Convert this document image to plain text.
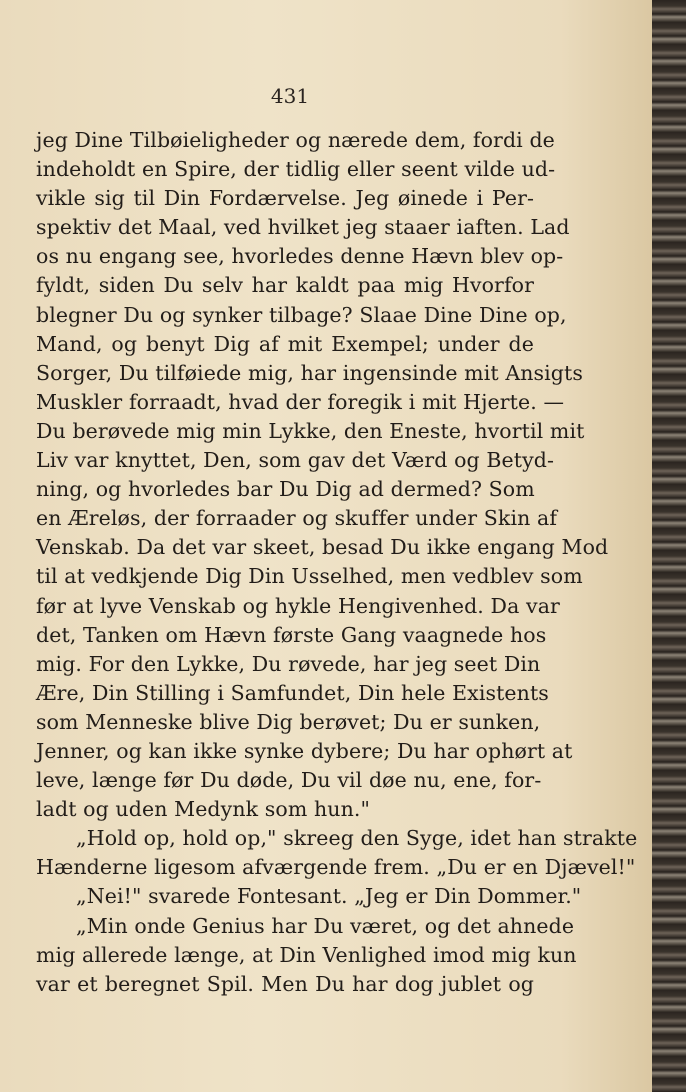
431
jeg Dine Tilbøieligheder og nærede dem, fordi de
indeholdt en Spire, der tidlig eller seent vilde ud-
vikle sig til Din Fordærvelse. Jeg øinede i Per-
spektiv det Maal, ved hvilket jeg staaer iaften. Lad
os nu engang see, hvorledes denne Hævn blev op-
fyldt, siden Du selv har kaldt paa mig Hvorfor
blegner Du og synker tilbage? Slaae Dine Dine op,
Mand, og benyt Dig af mit Exempel; under de
Sorger, Du tilføiede mig, har ingensinde mit Ansigts
Muskler forraadt, hvad der foregik i mit Hjerte. —
Du berøvede mig min Lykke, den Eneste, hvortil mit
Liv var knyttet, Den, som gav det Værd og Betyd-
ning, og hvorledes bar Du Dig ad dermed? Som
en Æreløs, der forraader og skuffer under Skin af
Venskab. Da det var skeet, besad Du ikke engang Mod
til at vedkjende Dig Din Usselhed, men vedblev som
før at lyve Venskab og hykle Hengivenhed. Da var
det, Tanken om Hævn første Gang vaagnede hos
mig. For den Lykke, Du røvede, har jeg seet Din
Ære, Din Stilling i Samfundet, Din hele Existents
som Menneske blive Dig berøvet; Du er sunken,
Jenner, og kan ikke synke dybere; Du har ophørt at
leve, længe før Du døde, Du vil døe nu, ene, for-
ladt og uden Medynk som hun."
„Hold op, hold op," skreeg den Syge, idet han strakte
Hænderne ligesom afværgende frem. „Du er en Djævel!"
„Nei!" svarede Fontesant. „Jeg er Din Dommer."
„Min onde Genius har Du været, og det ahnede
mig allerede længe, at Din Venlighed imod mig kun
var et beregnet Spil. Men Du har dog jublet og
